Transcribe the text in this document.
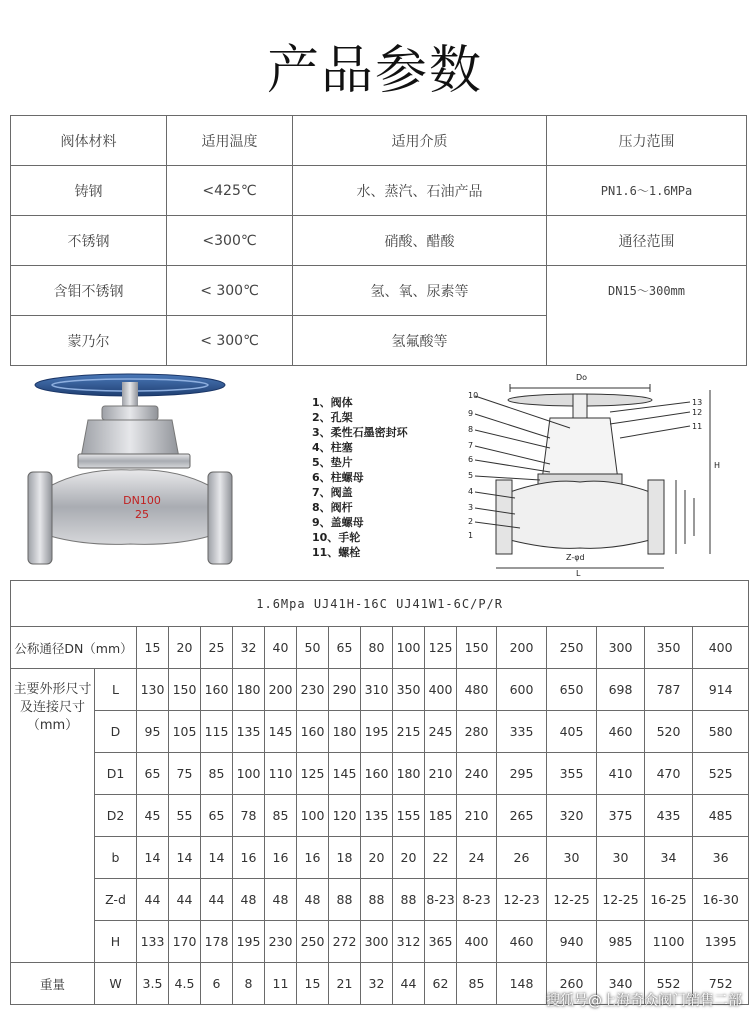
产品参数
阀体材料	适用温度	适用介质	压力范围
铸钢	<425℃	水、蒸汽、石油产品	PN1.6～1.6MPa
不锈钢	<300℃	硝酸、醋酸	通径范围
含钼不锈钢	< 300℃	氢、氧、尿素等	DN15～300mm
蒙乃尔	< 300℃	氢氟酸等	
DN100
25
1、阀体
2、孔架
3、柔性石墨密封环
4、柱塞
5、垫片
6、柱螺母
7、阀盖
8、阀杆
9、盖螺母
10、手轮
11、螺栓
Do
H
L
Z-φd
10
13
12
11
9
8
7
6
5
4
3
2
1
1.6Mpa UJ41H-16C UJ41W1-6C/P/R																	
公称通径DN（mm）		15	20	25	32	40	50	65	80	100	125	150	200	250	300	350	400
主要外形尺寸及连接尺寸（mm）	L	130	150	160	180	200	230	290	310	350	400	480	600	650	698	787	914
	D	95	105	115	135	145	160	180	195	215	245	280	335	405	460	520	580
	D1	65	75	85	100	110	125	145	160	180	210	240	295	355	410	470	525
	D2	45	55	65	78	85	100	120	135	155	185	210	265	320	375	435	485
	b	14	14	14	16	16	16	18	20	20	22	24	26	30	30	34	36
	Z-d	44	44	44	48	48	48	88	88	88	8-23	8-23	12-23	12-25	12-25	16-25	16-30
	H	133	170	178	195	230	250	272	300	312	365	400	460	940	985	1100	1395
重量	W	3.5	4.5	6	8	11	15	21	32	44	62	85	148	260	340	552	752
搜狐号@上海奇众阀门销售二部
